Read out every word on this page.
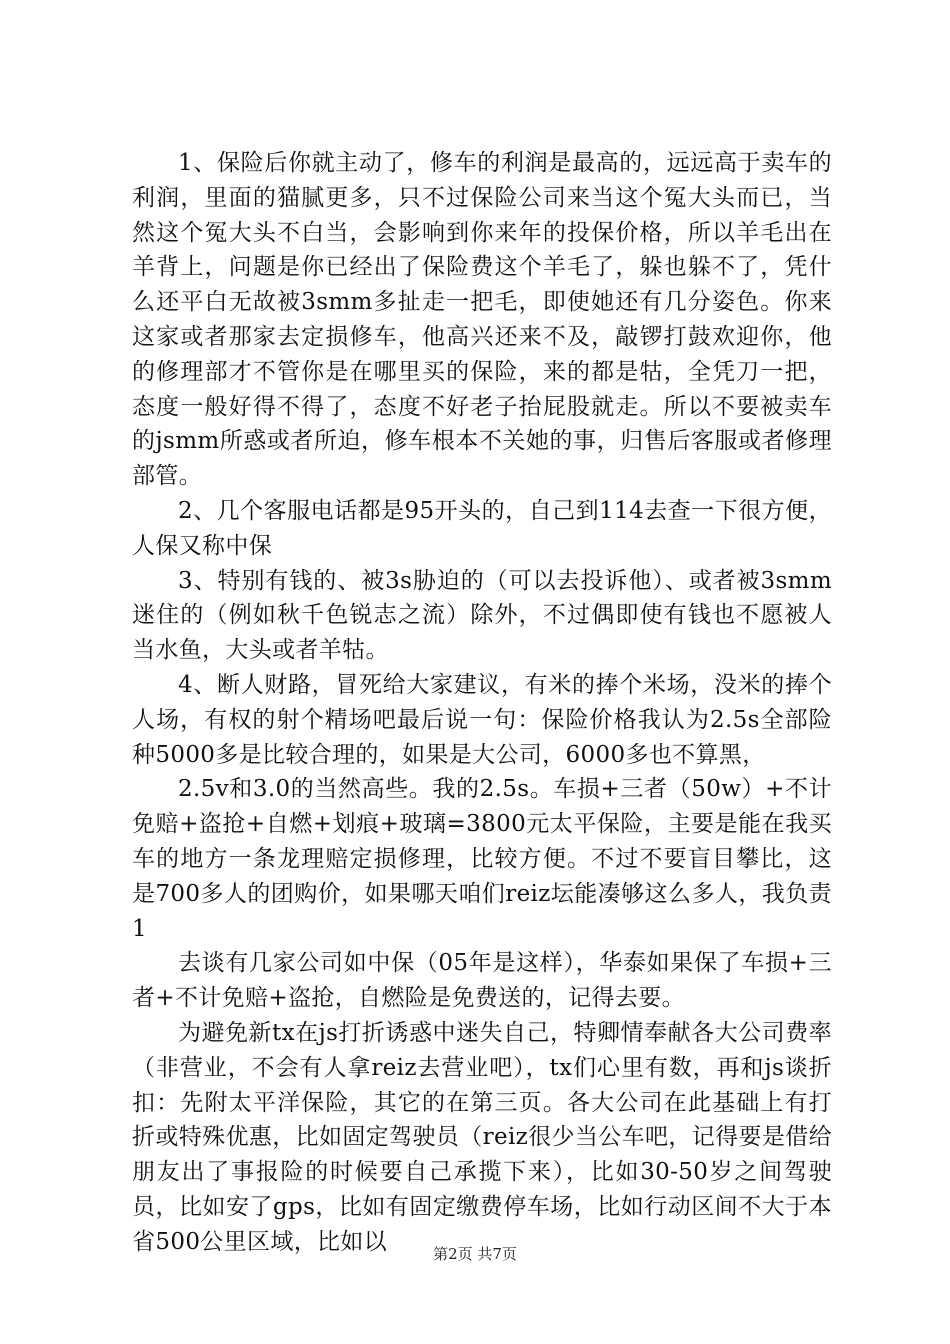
1、保险后你就主动了，修车的利润是最高的，远远高于卖车的利润，里面的猫腻更多，只不过保险公司来当这个冤大头而已，当然这个冤大头不白当，会影响到你来年的投保价格，所以羊毛出在羊背上，问题是你已经出了保险费这个羊毛了，躲也躲不了，凭什么还平白无故被3smm多扯走一把毛，即使她还有几分姿色。你来这家或者那家去定损修车，他高兴还来不及，敲锣打鼓欢迎你，他的修理部才不管你是在哪里买的保险，来的都是牯，全凭刀一把，态度一般好得不得了，态度不好老子抬屁股就走。所以不要被卖车的jsmm所惑或者所迫，修车根本不关她的事，归售后客服或者修理部管。

2、几个客服电话都是95开头的，自己到114去查一下很方便，人保又称中保

3、特别有钱的、被3s胁迫的（可以去投诉他）、或者被3smm迷住的（例如秋千色锐志之流）除外，不过偶即使有钱也不愿被人当水鱼，大头或者羊牯。

4、断人财路，冒死给大家建议，有米的捧个米场，没米的捧个人场，有权的射个精场吧最后说一句：保险价格我认为2.5s全部险种5000多是比较合理的，如果是大公司，6000多也不算黑，

2.5v和3.0的当然高些。我的2.5s。车损+三者（50w）+不计免赔+盗抢+自燃+划痕+玻璃=3800元太平保险，主要是能在我买车的地方一条龙理赔定损修理，比较方便。不过不要盲目攀比，这是700多人的团购价，如果哪天咱们reiz坛能凑够这么多人，我负责1

去谈有几家公司如中保（05年是这样），华泰如果保了车损+三者+不计免赔+盗抢，自燃险是免费送的，记得去要。

为避免新tx在js打折诱惑中迷失自己，特卿情奉献各大公司费率（非营业，不会有人拿reiz去营业吧），tx们心里有数，再和js谈折扣：先附太平洋保险，其它的在第三页。各大公司在此基础上有打折或特殊优惠，比如固定驾驶员（reiz很少当公车吧，记得要是借给朋友出了事报险的时候要自己承揽下来），比如30-50岁之间驾驶员，比如安了gps，比如有固定缴费停车场，比如行动区间不大于本省500公里区域，比如以	第2页 共7页
